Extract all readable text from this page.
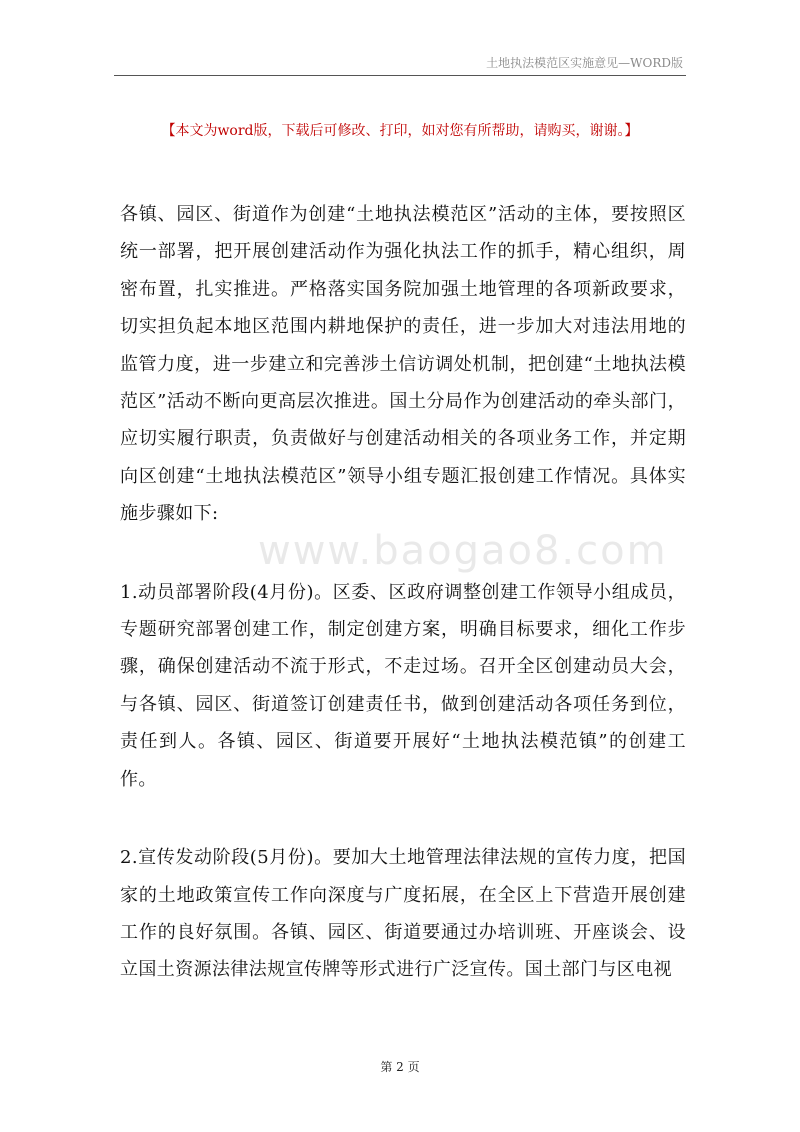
土地执法模范区实施意见—WORD版
【本文为word版，下载后可修改、打印，如对您有所帮助，请购买，谢谢。】
www.baogao8.com

各镇、园区、街道作为创建“土地执法模范区”活动的主体，要按照区统一部署，把开展创建活动作为强化执法工作的抓手，精心组织，周密布置，扎实推进。严格落实国务院加强土地管理的各项新政要求，切实担负起本地区范围内耕地保护的责任，进一步加大对违法用地的监管力度，进一步建立和完善涉土信访调处机制，把创建“土地执法模范区”活动不断向更高层次推进。国土分局作为创建活动的牵头部门，应切实履行职责，负责做好与创建活动相关的各项业务工作，并定期向区创建“土地执法模范区”领导小组专题汇报创建工作情况。具体实施步骤如下:

1.动员部署阶段(4月份)。区委、区政府调整创建工作领导小组成员，专题研究部署创建工作，制定创建方案，明确目标要求，细化工作步骤，确保创建活动不流于形式，不走过场。召开全区创建动员大会，与各镇、园区、街道签订创建责任书，做到创建活动各项任务到位，责任到人。各镇、园区、街道要开展好“土地执法模范镇”的创建工作。

2.宣传发动阶段(5月份)。要加大土地管理法律法规的宣传力度，把国家的土地政策宣传工作向深度与广度拓展，在全区上下营造开展创建工作的良好氛围。各镇、园区、街道要通过办培训班、开座谈会、设立国土资源法律法规宣传牌等形式进行广泛宣传。国土部门与区电视

第 2 页
